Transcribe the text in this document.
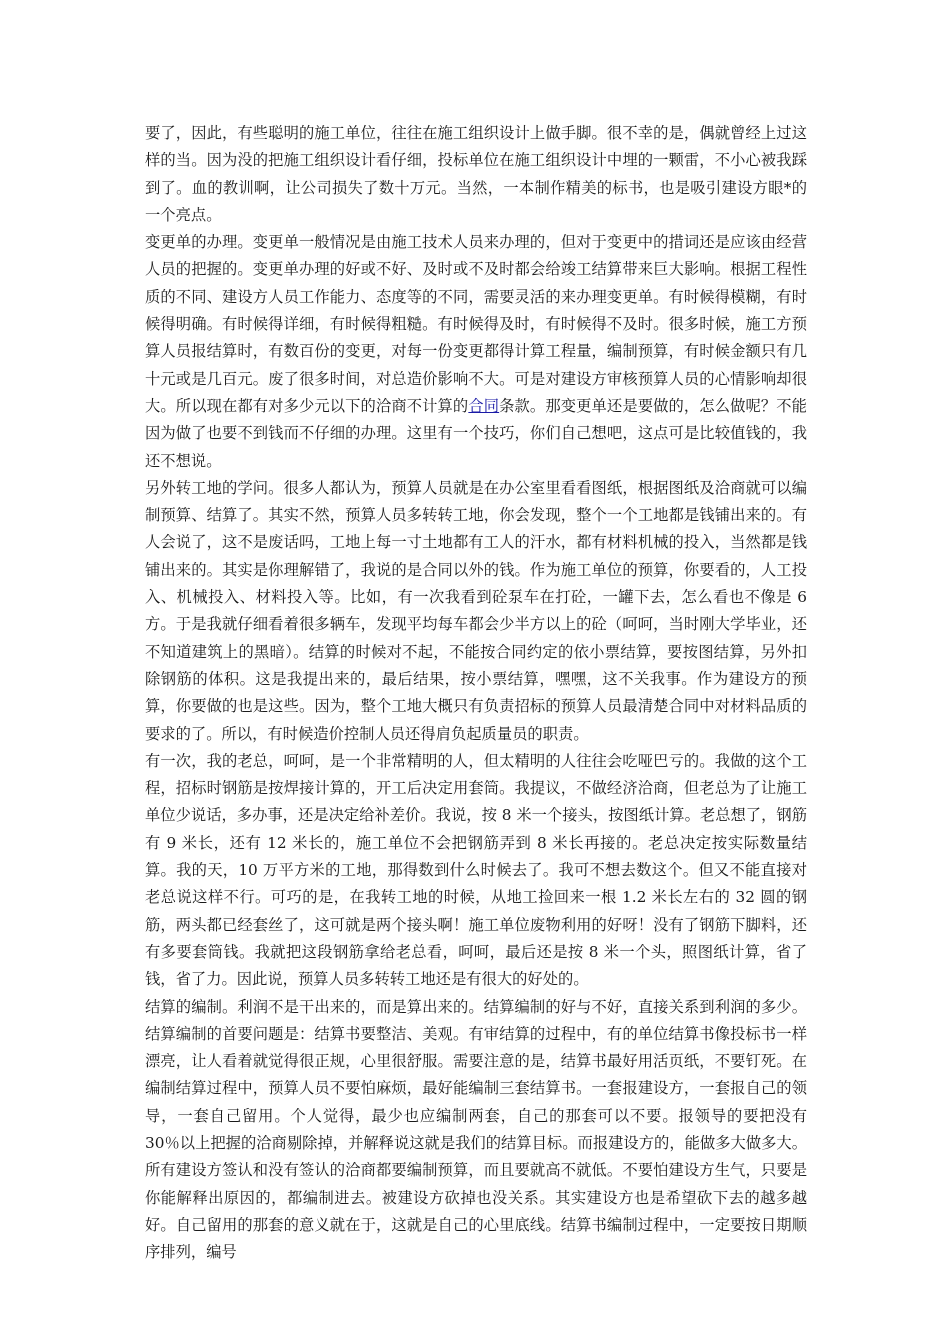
要了，因此，有些聪明的施工单位，往往在施工组织设计上做手脚。很不幸的是，偶就曾经上过这样的当。因为没的把施工组织设计看仔细，投标单位在施工组织设计中埋的一颗雷，不小心被我踩到了。血的教训啊，让公司损失了数十万元。当然，一本制作精美的标书，也是吸引建设方眼*的一个亮点。

变更单的办理。变更单一般情况是由施工技术人员来办理的，但对于变更中的措词还是应该由经营人员的把握的。变更单办理的好或不好、及时或不及时都会给竣工结算带来巨大影响。根据工程性质的不同、建设方人员工作能力、态度等的不同，需要灵活的来办理变更单。有时候得模糊，有时候得明确。有时候得详细，有时候得粗糙。有时候得及时，有时候得不及时。很多时候，施工方预算人员报结算时，有数百份的变更，对每一份变更都得计算工程量，编制预算，有时候金额只有几十元或是几百元。废了很多时间，对总造价影响不大。可是对建设方审核预算人员的心情影响却很大。所以现在都有对多少元以下的洽商不计算的合同条款。那变更单还是要做的，怎么做呢？不能因为做了也要不到钱而不仔细的办理。这里有一个技巧，你们自己想吧，这点可是比较值钱的，我还不想说。

另外转工地的学问。很多人都认为，预算人员就是在办公室里看看图纸，根据图纸及洽商就可以编制预算、结算了。其实不然，预算人员多转转工地，你会发现，整个一个工地都是钱铺出来的。有人会说了，这不是废话吗，工地上每一寸土地都有工人的汗水，都有材料机械的投入，当然都是钱铺出来的。其实是你理解错了，我说的是合同以外的钱。作为施工单位的预算，你要看的，人工投入、机械投入、材料投入等。比如，有一次我看到砼泵车在打砼，一罐下去，怎么看也不像是 6 方。于是我就仔细看着很多辆车，发现平均每车都会少半方以上的砼（呵呵，当时刚大学毕业，还不知道建筑上的黑暗）。结算的时候对不起，不能按合同约定的依小票结算，要按图结算，另外扣除钢筋的体积。这是我提出来的，最后结果，按小票结算，嘿嘿，这不关我事。作为建设方的预算，你要做的也是这些。因为，整个工地大概只有负责招标的预算人员最清楚合同中对材料品质的要求的了。所以，有时候造价控制人员还得肩负起质量员的职责。

有一次，我的老总，呵呵，是一个非常精明的人，但太精明的人往往会吃哑巴亏的。我做的这个工程，招标时钢筋是按焊接计算的，开工后决定用套筒。我提议，不做经济洽商，但老总为了让施工单位少说话，多办事，还是决定给补差价。我说，按 8 米一个接头，按图纸计算。老总想了，钢筋有 9 米长，还有 12 米长的，施工单位不会把钢筋弄到 8 米长再接的。老总决定按实际数量结算。我的天，10 万平方米的工地，那得数到什么时候去了。我可不想去数这个。但又不能直接对老总说这样不行。可巧的是，在我转工地的时候，从地工捡回来一根 1.2 米长左右的 32 圆的钢筋，两头都已经套丝了，这可就是两个接头啊！施工单位废物利用的好呀！没有了钢筋下脚料，还有多要套筒钱。我就把这段钢筋拿给老总看，呵呵，最后还是按 8 米一个头，照图纸计算，省了钱，省了力。因此说，预算人员多转转工地还是有很大的好处的。

结算的编制。利润不是干出来的，而是算出来的。结算编制的好与不好，直接关系到利润的多少。结算编制的首要问题是：结算书要整洁、美观。有审结算的过程中，有的单位结算书像投标书一样漂亮，让人看着就觉得很正规，心里很舒服。需要注意的是，结算书最好用活页纸，不要钉死。在编制结算过程中，预算人员不要怕麻烦，最好能编制三套结算书。一套报建设方，一套报自己的领导，一套自己留用。个人觉得，最少也应编制两套，自己的那套可以不要。报领导的要把没有 30％以上把握的洽商剔除掉，并解释说这就是我们的结算目标。而报建设方的，能做多大做多大。所有建设方签认和没有签认的洽商都要编制预算，而且要就高不就低。不要怕建设方生气，只要是你能解释出原因的，都编制进去。被建设方砍掉也没关系。其实建设方也是希望砍下去的越多越好。自己留用的那套的意义就在于，这就是自己的心里底线。结算书编制过程中，一定要按日期顺序排列，编号
